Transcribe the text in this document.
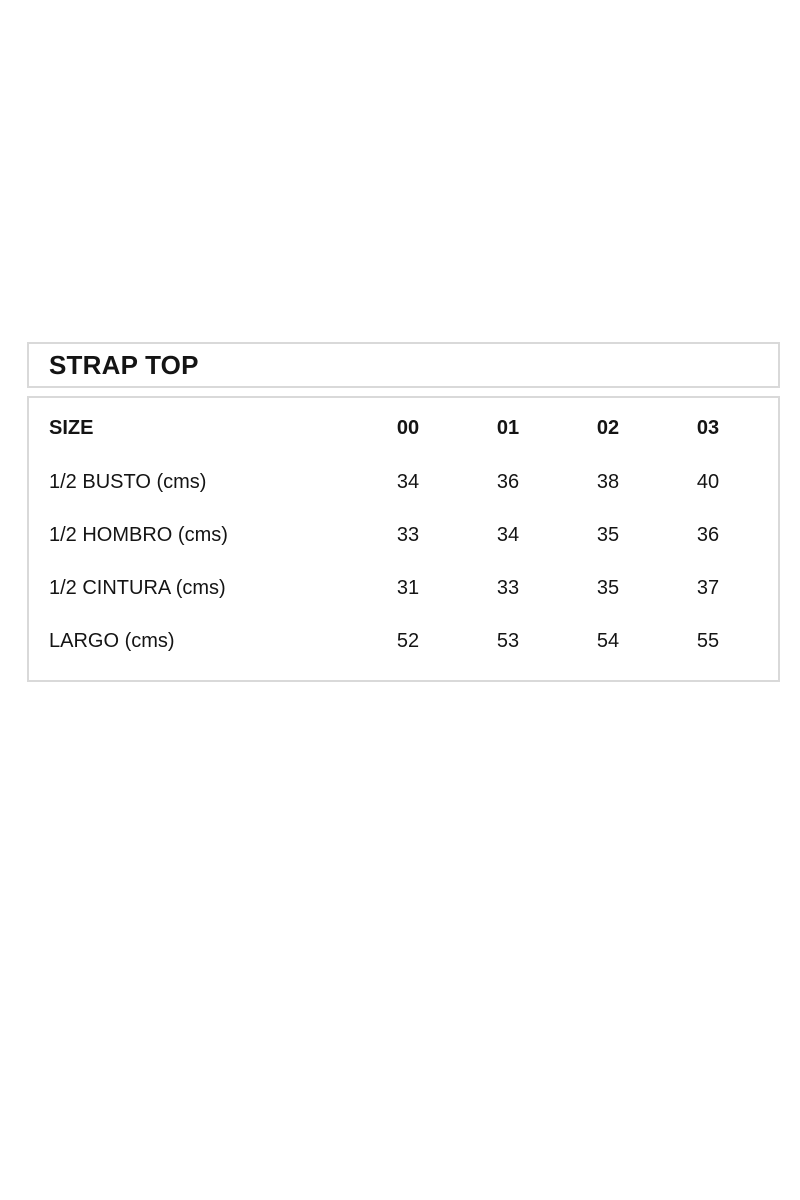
STRAP TOP
SIZE	00	01	02	03
1/2 BUSTO (cms)	34	36	38	40
1/2 HOMBRO (cms)	33	34	35	36
1/2 CINTURA (cms)	31	33	35	37
LARGO (cms)	52	53	54	55
